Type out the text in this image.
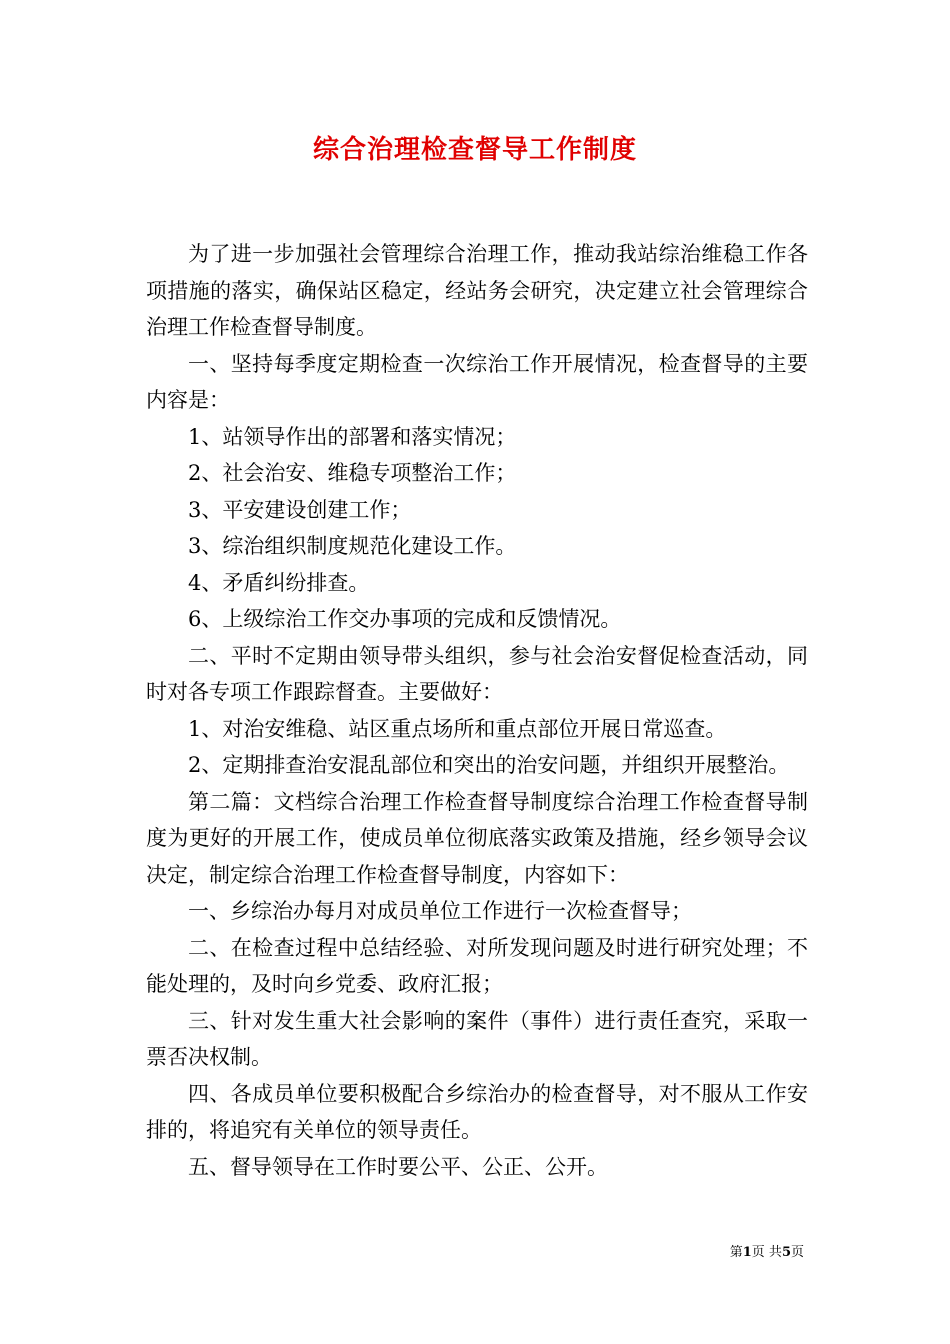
综合治理检查督导工作制度

为了进一步加强社会管理综合治理工作，推动我站综治维稳工作各项措施的落实，确保站区稳定，经站务会研究，决定建立社会管理综合治理工作检查督导制度。

一、坚持每季度定期检查一次综治工作开展情况，检查督导的主要内容是：

1、站领导作出的部署和落实情况；

2、社会治安、维稳专项整治工作；

3、平安建设创建工作；

3、综治组织制度规范化建设工作。

4、矛盾纠纷排查。

6、上级综治工作交办事项的完成和反馈情况。

二、平时不定期由领导带头组织，参与社会治安督促检查活动，同时对各专项工作跟踪督查。主要做好：

1、对治安维稳、站区重点场所和重点部位开展日常巡查。

2、定期排查治安混乱部位和突出的治安问题，并组织开展整治。

第二篇：文档综合治理工作检查督导制度综合治理工作检查督导制度为更好的开展工作，使成员单位彻底落实政策及措施，经乡领导会议决定，制定综合治理工作检查督导制度，内容如下：

一、乡综治办每月对成员单位工作进行一次检查督导；

二、在检查过程中总结经验、对所发现问题及时进行研究处理；不能处理的，及时向乡党委、政府汇报；

三、针对发生重大社会影响的案件（事件）进行责任查究，采取一票否决权制。

四、各成员单位要积极配合乡综治办的检查督导，对不服从工作安排的，将追究有关单位的领导责任。

五、督导领导在工作时要公平、公正、公开。

第1页 共5页
